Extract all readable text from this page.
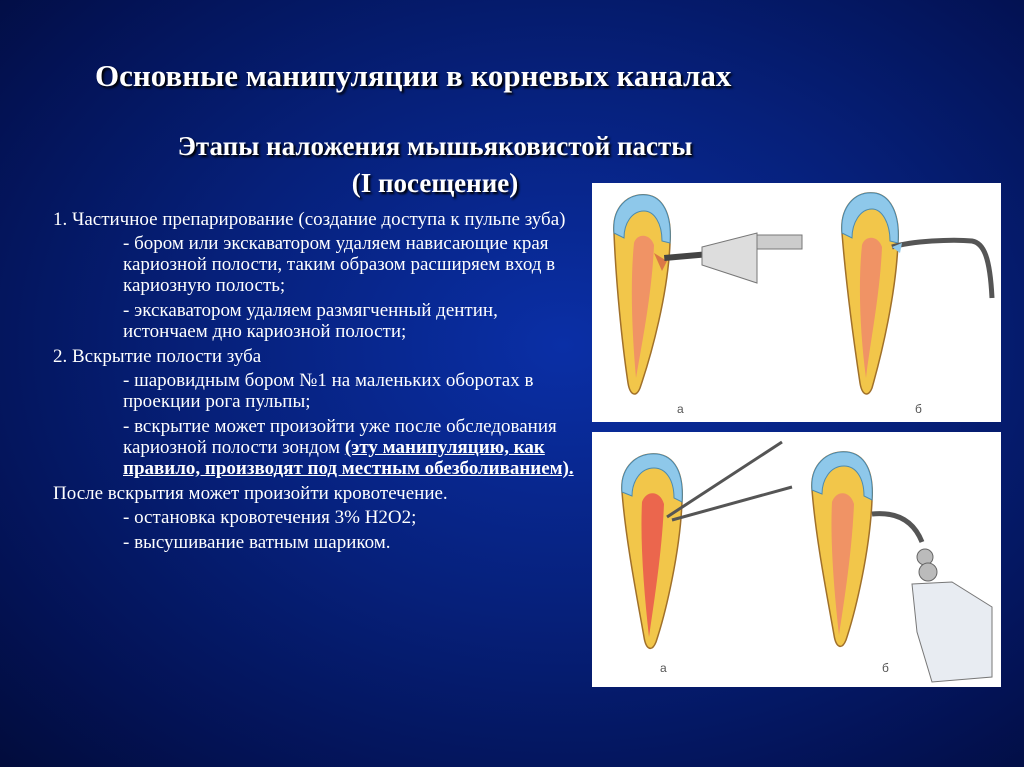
Основные манипуляции в корневых каналах
Этапы наложения мышьяковистой пасты
(I посещение)
1. Частичное препарирование (создание доступа к пульпе зуба)
- бором или экскаватором удаляем нависающие края кариозной полости, таким образом расширяем вход в кариозную полость;
- экскаватором удаляем размягченный дентин, истончаем дно кариозной полости;
2. Вскрытие полости зуба
- шаровидным бором №1 на маленьких оборотах в проекции рога пульпы;
- вскрытие может произойти уже после обследования кариозной полости зондом (эту манипуляцию, как правило, производят под местным обезболиванием).
После вскрытия может произойти кровотечение.
- остановка кровотечения 3% H2O2;
- высушивание ватным шариком.
а	б
а	б
